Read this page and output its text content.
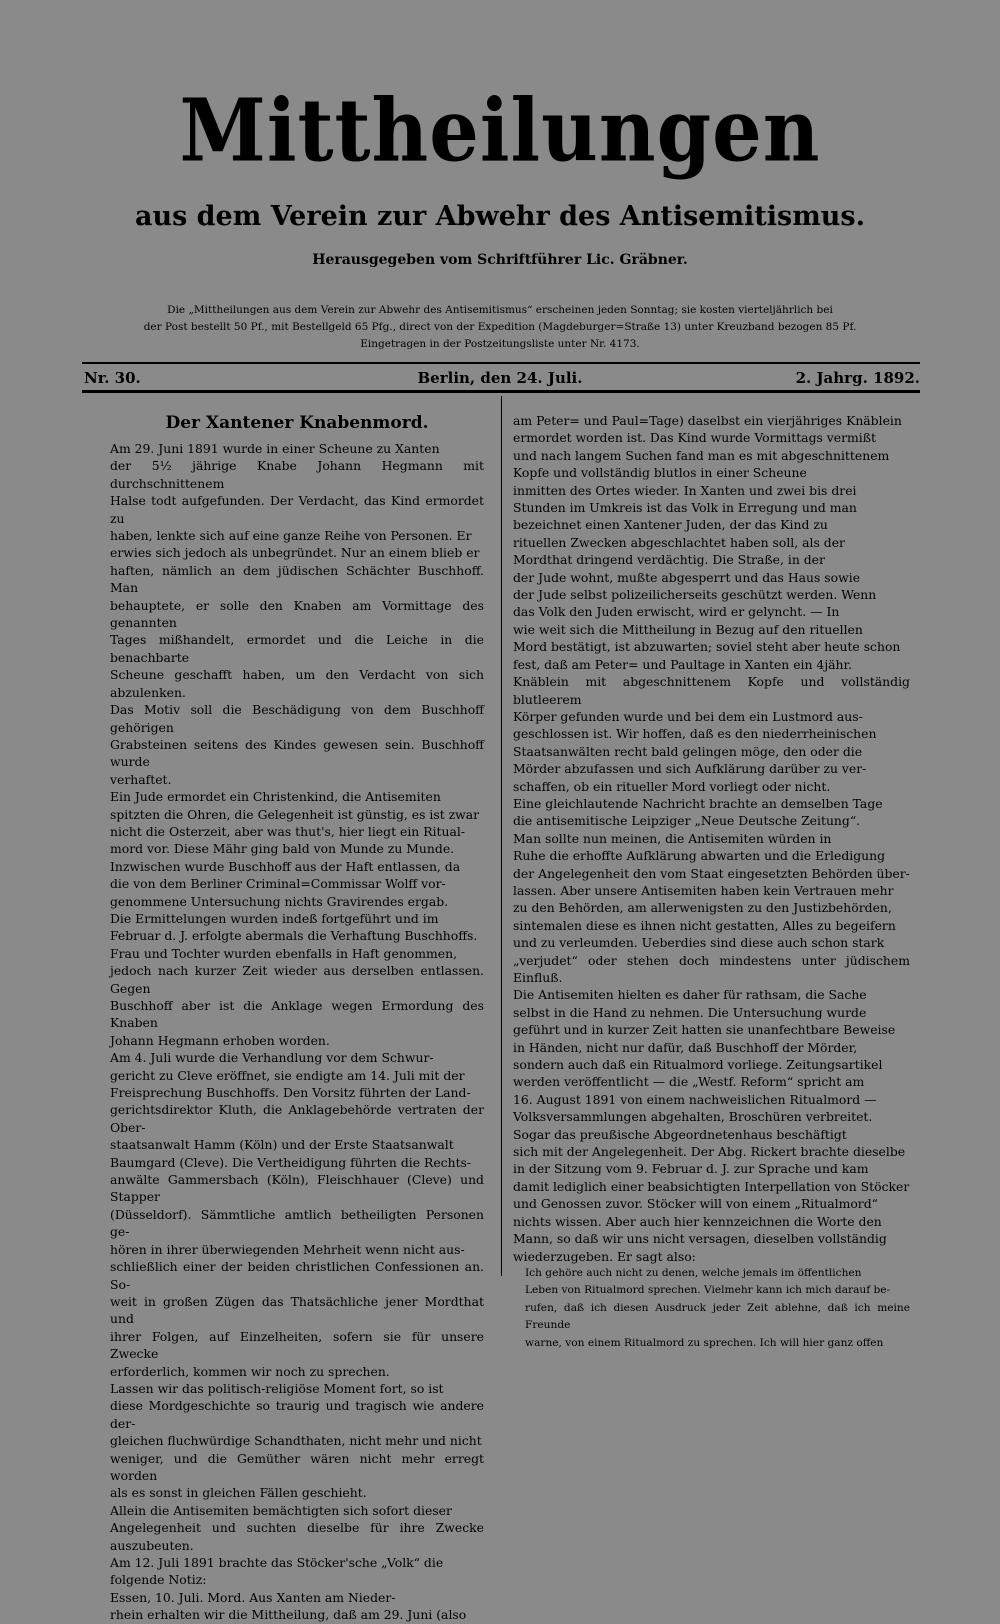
Mittheilungen
aus dem Verein zur Abwehr des Antisemitismus.
Herausgegeben vom Schriftführer Lic. Gräbner.
Die „Mittheilungen aus dem Verein zur Abwehr des Antisemitismus“ erscheinen jeden Sonntag; sie kosten vierteljährlich bei
der Post bestellt 50 Pf., mit Bestellgeld 65 Pfg., direct von der Expedition (Magdeburger=Straße 13) unter Kreuzband bezogen 85 Pf.
Eingetragen in der Postzeitungsliste unter Nr. 4173.
Nr. 30.	Berlin, den 24. Juli.	2. Jahrg. 1892.
Der Xantener Knabenmord.

Am 29. Juni 1891 wurde in einer Scheune zu Xanten
der 5½ jährige Knabe Johann Hegmann mit durchschnittenem
Halse todt aufgefunden. Der Verdacht, das Kind ermordet zu
haben, lenkte sich auf eine ganze Reihe von Personen. Er
erwies sich jedoch als unbegründet. Nur an einem blieb er
haften, nämlich an dem jüdischen Schächter Buschhoff. Man
behauptete, er solle den Knaben am Vormittage des genannten
Tages mißhandelt, ermordet und die Leiche in die benachbarte
Scheune geschafft haben, um den Verdacht von sich abzulenken.
Das Motiv soll die Beschädigung von dem Buschhoff gehörigen
Grabsteinen seitens des Kindes gewesen sein. Buschhoff wurde
verhaftet.

Ein Jude ermordet ein Christenkind, die Antisemiten
spitzten die Ohren, die Gelegenheit ist günstig, es ist zwar
nicht die Osterzeit, aber was thut's, hier liegt ein Ritual-
mord vor. Diese Mähr ging bald von Munde zu Munde.

Inzwischen wurde Buschhoff aus der Haft entlassen, da
die von dem Berliner Criminal=Commissar Wolff vor-
genommene Untersuchung nichts Gravirendes ergab.

Die Ermittelungen wurden indeß fortgeführt und im
Februar d. J. erfolgte abermals die Verhaftung Buschhoffs.
Frau und Tochter wurden ebenfalls in Haft genommen,
jedoch nach kurzer Zeit wieder aus derselben entlassen. Gegen
Buschhoff aber ist die Anklage wegen Ermordung des Knaben
Johann Hegmann erhoben worden.

Am 4. Juli wurde die Verhandlung vor dem Schwur-
gericht zu Cleve eröffnet, sie endigte am 14. Juli mit der
Freisprechung Buschhoffs. Den Vorsitz führten der Land-
gerichtsdirektor Kluth, die Anklagebehörde vertraten der Ober-
staatsanwalt Hamm (Köln) und der Erste Staatsanwalt
Baumgard (Cleve). Die Vertheidigung führten die Rechts-
anwälte Gammersbach (Köln), Fleischhauer (Cleve) und Stapper
(Düsseldorf). Sämmtliche amtlich betheiligten Personen ge-
hören in ihrer überwiegenden Mehrheit wenn nicht aus-
schließlich einer der beiden christlichen Confessionen an. So-
weit in großen Zügen das Thatsächliche jener Mordthat und
ihrer Folgen, auf Einzelheiten, sofern sie für unsere Zwecke
erforderlich, kommen wir noch zu sprechen.

Lassen wir das politisch-religiöse Moment fort, so ist
diese Mordgeschichte so traurig und tragisch wie andere der-
gleichen fluchwürdige Schandthaten, nicht mehr und nicht
weniger, und die Gemüther wären nicht mehr erregt worden
als es sonst in gleichen Fällen geschieht.

Allein die Antisemiten bemächtigten sich sofort dieser
Angelegenheit und suchten dieselbe für ihre Zwecke auszubeuten.
Am 12. Juli 1891 brachte das Stöcker'sche „Volk“ die
folgende Notiz:

Essen, 10. Juli. Mord. Aus Xanten am Nieder-
rhein erhalten wir die Mittheilung, daß am 29. Juni (also

am Peter= und Paul=Tage) daselbst ein vierjähriges Knäblein
ermordet worden ist. Das Kind wurde Vormittags vermißt
und nach langem Suchen fand man es mit abgeschnittenem
Kopfe und vollständig blutlos in einer Scheune
inmitten des Ortes wieder. In Xanten und zwei bis drei
Stunden im Umkreis ist das Volk in Erregung und man
bezeichnet einen Xantener Juden, der das Kind zu
rituellen Zwecken abgeschlachtet haben soll, als der
Mordthat dringend verdächtig. Die Straße, in der
der Jude wohnt, mußte abgesperrt und das Haus sowie
der Jude selbst polizeilicherseits geschützt werden. Wenn
das Volk den Juden erwischt, wird er gelyncht. — In
wie weit sich die Mittheilung in Bezug auf den rituellen
Mord bestätigt, ist abzuwarten; soviel steht aber heute schon
fest, daß am Peter= und Paultage in Xanten ein 4jähr.
Knäblein mit abgeschnittenem Kopfe und vollständig blutleerem
Körper gefunden wurde und bei dem ein Lustmord aus-
geschlossen ist. Wir hoffen, daß es den niederrheinischen
Staatsanwälten recht bald gelingen möge, den oder die
Mörder abzufassen und sich Aufklärung darüber zu ver-
schaffen, ob ein ritueller Mord vorliegt oder nicht.

Eine gleichlautende Nachricht brachte an demselben Tage
die antisemitische Leipziger „Neue Deutsche Zeitung“.

Man sollte nun meinen, die Antisemiten würden in
Ruhe die erhoffte Aufklärung abwarten und die Erledigung
der Angelegenheit den vom Staat eingesetzten Behörden über-
lassen. Aber unsere Antisemiten haben kein Vertrauen mehr
zu den Behörden, am allerwenigsten zu den Justizbehörden,
sintemalen diese es ihnen nicht gestatten, Alles zu begeifern
und zu verleumden. Ueberdies sind diese auch schon stark
„verjudet“ oder stehen doch mindestens unter jüdischem Einfluß.
Die Antisemiten hielten es daher für rathsam, die Sache
selbst in die Hand zu nehmen. Die Untersuchung wurde
geführt und in kurzer Zeit hatten sie unanfechtbare Beweise
in Händen, nicht nur dafür, daß Buschhoff der Mörder,
sondern auch daß ein Ritualmord vorliege. Zeitungsartikel
werden veröffentlicht — die „Westf. Reform“ spricht am
16. August 1891 von einem nachweislichen Ritualmord —
Volksversammlungen abgehalten, Broschüren verbreitet.

Sogar das preußische Abgeordnetenhaus beschäftigt
sich mit der Angelegenheit. Der Abg. Rickert brachte dieselbe
in der Sitzung vom 9. Februar d. J. zur Sprache und kam
damit lediglich einer beabsichtigten Interpellation von Stöcker
und Genossen zuvor. Stöcker will von einem „Ritualmord“
nichts wissen. Aber auch hier kennzeichnen die Worte den
Mann, so daß wir uns nicht versagen, dieselben vollständig
wiederzugeben. Er sagt also:

Ich gehöre auch nicht zu denen, welche jemals im öffentlichen
Leben von Ritualmord sprechen. Vielmehr kann ich mich darauf be-
rufen, daß ich diesen Ausdruck jeder Zeit ablehne, daß ich meine Freunde
warne, von einem Ritualmord zu sprechen. Ich will hier ganz offen
